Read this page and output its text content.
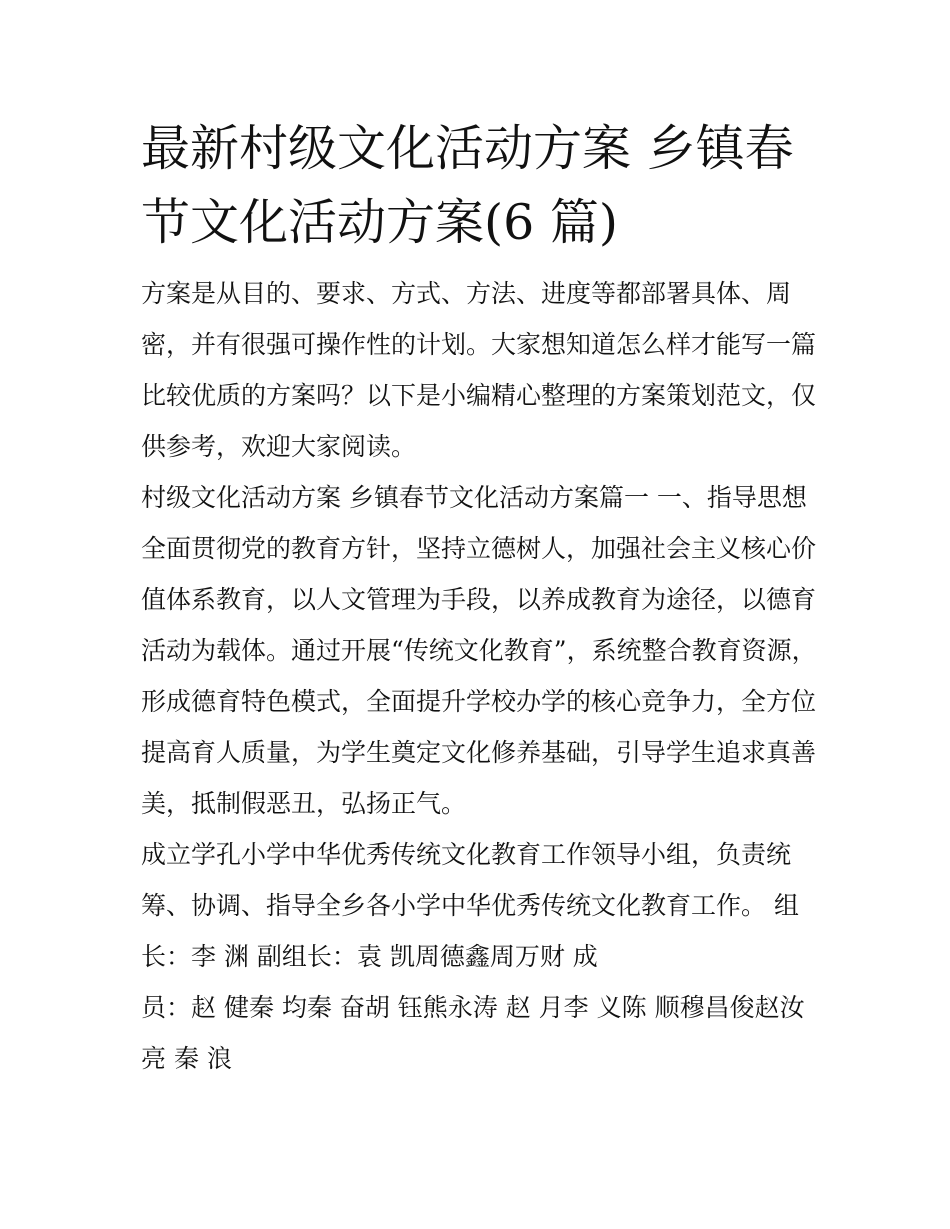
最新村级文化活动方案 乡镇春
节文化活动方案(6 篇)

方案是从目的、要求、方式、方法、进度等都部署具体、周
密，并有很强可操作性的计划。大家想知道怎么样才能写一篇
比较优质的方案吗？以下是小编精心整理的方案策划范文，仅
供参考，欢迎大家阅读。

村级文化活动方案 乡镇春节文化活动方案篇一 一、指导思想
全面贯彻党的教育方针，坚持立德树人，加强社会主义核心价
值体系教育，以人文管理为手段，以养成教育为途径，以德育
活动为载体。通过开展“传统文化教育”，系统整合教育资源，
形成德育特色模式，全面提升学校办学的核心竞争力，全方位
提高育人质量，为学生奠定文化修养基础，引导学生追求真善
美，抵制假恶丑，弘扬正气。

成立学孔小学中华优秀传统文化教育工作领导小组，负责统
筹、协调、指导全乡各小学中华优秀传统文化教育工作。 组
长：李 渊 副组长：袁 凯周德鑫周万财 成

员：赵 健秦 均秦 奋胡 钰熊永涛 赵 月李 义陈 顺穆昌俊赵汝
亮 秦 浪
